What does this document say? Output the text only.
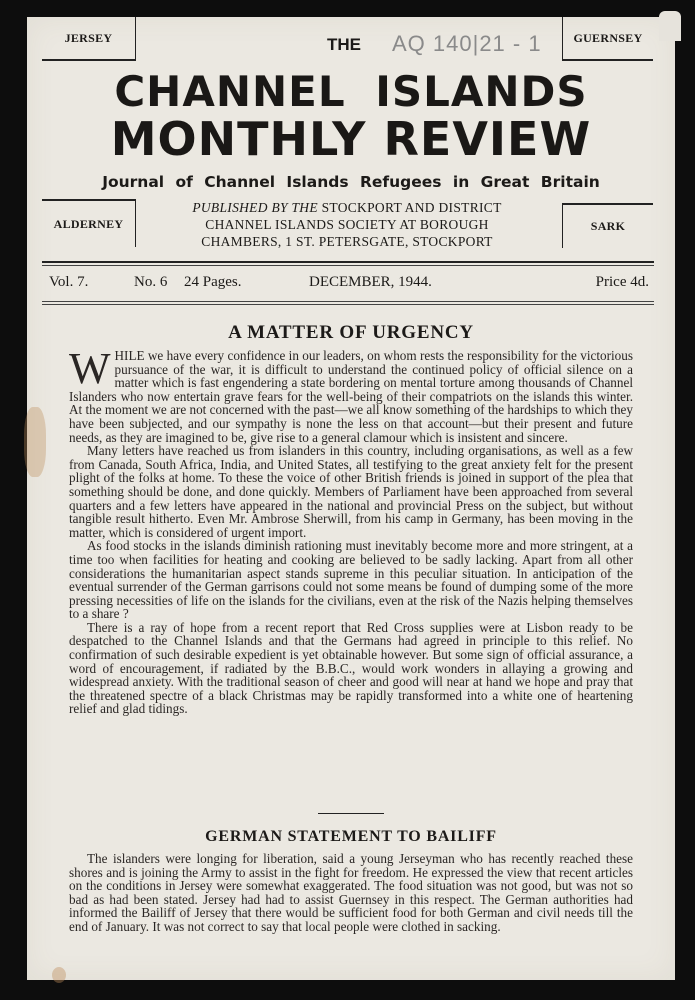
JERSEY	GUERNSEY
ALDERNEY	SARK
THE AQ 140|21 - 1
CHANNEL ISLANDS
MONTHLY REVIEW
Journal of Channel Islands Refugees in Great Britain
PUBLISHED BY THE STOCKPORT AND DISTRICT
CHANNEL ISLANDS SOCIETY AT BOROUGH
CHAMBERS, 1 ST. PETERSGATE, STOCKPORT
Vol. 7.	No. 6	24 Pages.	DECEMBER, 1944.	Price 4d.
A MATTER OF URGENCY

WHILE we have every confidence in our leaders, on whom rests the responsibility for the victorious pursuance of the war, it is difficult to understand the continued policy of official silence on a matter which is fast engendering a state bordering on mental torture among thousands of Channel Islanders who now entertain grave fears for the well-being of their compatriots on the islands this winter. At the moment we are not concerned with the past—we all know something of the hardships to which they have been subjected, and our sympathy is none the less on that account—but their present and future needs, as they are imagined to be, give rise to a general clamour which is insistent and sincere.

Many letters have reached us from islanders in this country, including organisations, as well as a few from Canada, South Africa, India, and United States, all testifying to the great anxiety felt for the present plight of the folks at home. To these the voice of other British friends is joined in support of the plea that something should be done, and done quickly. Members of Parliament have been approached from several quarters and a few letters have appeared in the national and provincial Press on the subject, but without tangible result hitherto. Even Mr. Ambrose Sherwill, from his camp in Germany, has been moving in the matter, which is considered of urgent import.

As food stocks in the islands diminish rationing must inevitably become more and more stringent, at a time too when facilities for heating and cooking are believed to be sadly lacking. Apart from all other considerations the humanitarian aspect stands supreme in this peculiar situation. In anticipation of the eventual surrender of the German garrisons could not some means be found of dumping some of the more pressing necessities of life on the islands for the civilians, even at the risk of the Nazis helping themselves to a share ?

There is a ray of hope from a recent report that Red Cross supplies were at Lisbon ready to be despatched to the Channel Islands and that the Germans had agreed in principle to this relief. No confirmation of such desirable expedient is yet obtainable however. But some sign of official assurance, a word of encouragement, if radiated by the B.B.C., would work wonders in allaying a growing and widespread anxiety. With the traditional season of cheer and good will near at hand we hope and pray that the threatened spectre of a black Christmas may be rapidly transformed into a white one of heartening relief and glad tidings.

GERMAN STATEMENT TO BAILIFF

The islanders were longing for liberation, said a young Jerseyman who has recently reached these shores and is joining the Army to assist in the fight for freedom. He expressed the view that recent articles on the conditions in Jersey were somewhat exaggerated. The food situation was not good, but was not so bad as had been stated. Jersey had had to assist Guernsey in this respect. The German authorities had informed the Bailiff of Jersey that there would be sufficient food for both German and civil needs till the end of January. It was not correct to say that local people were clothed in sacking.
